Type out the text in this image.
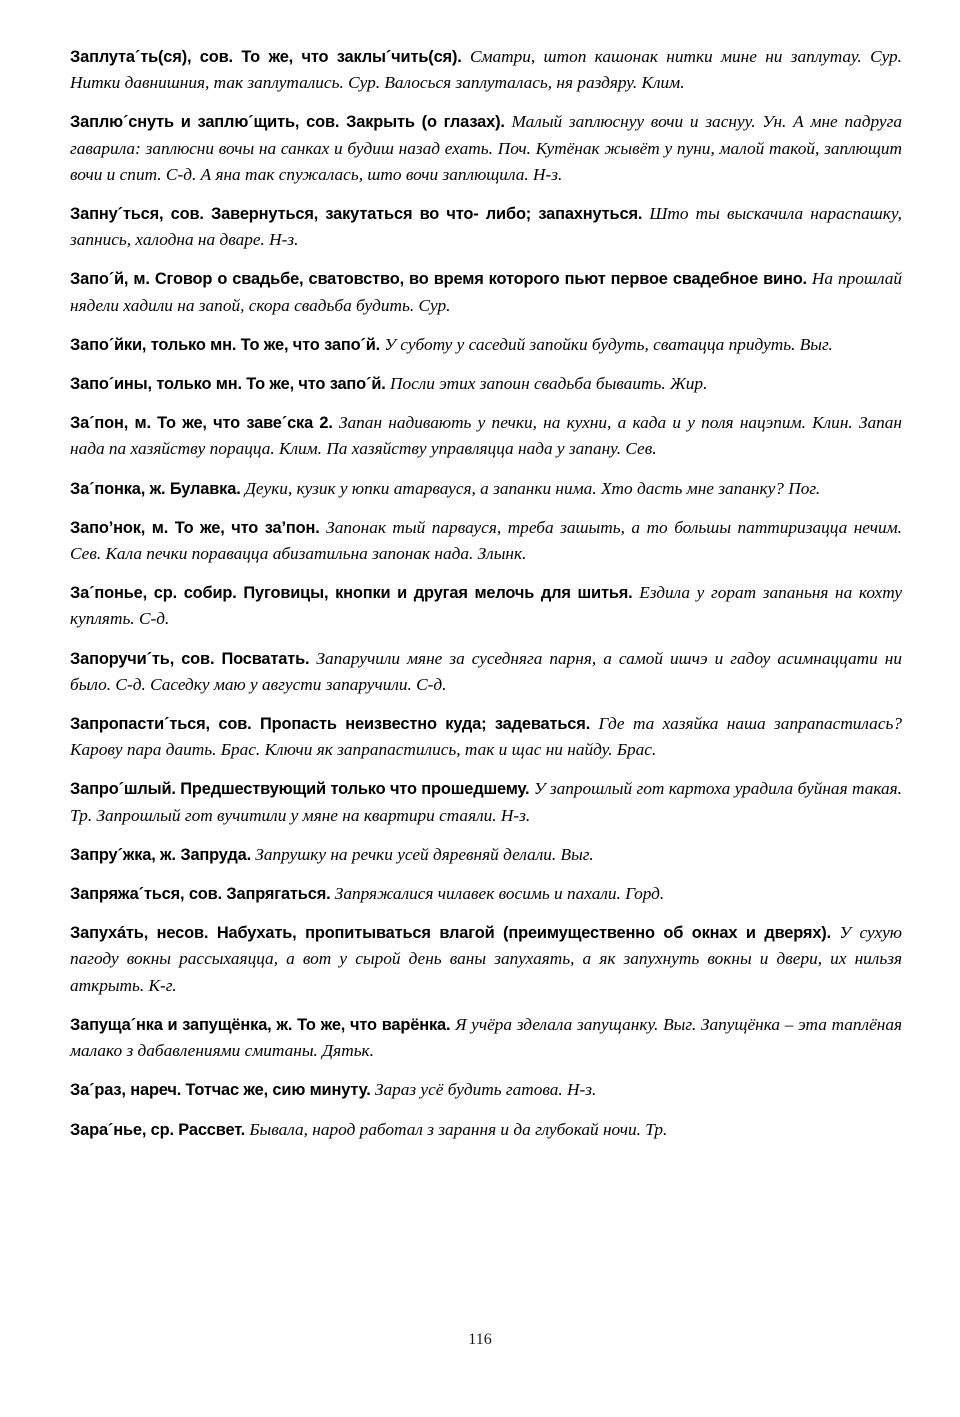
Заплута´ть(ся), сов. То же, что заклы´чить(ся). Сматри, штоп кашонак нитки мине ни заплутау. Сур. Нитки давнишния, так заплутались. Сур. Валосься заплуталась, ня раздяру. Клим.

Заплю´снуть и заплю´щить, сов. Закрыть (о глазах). Малый заплюснуу вочи и заснуу. Ун. А мне падруга гаварила: заплюсни вочы на санках и будиш назад ехать. Поч. Кутёнак жывёт у пуни, малой такой, заплющит вочи и спит. С-д. А яна так спужалась, што вочи заплющила. Н-з.

Запну´ться, сов. Завернуться, закутаться во что- либо; запахнуться. Што ты выскачила нараспашку, запнись, халодна на дваре. Н-з.

Запо´й, м. Сговор о свадьбе, сватовство, во время которого пьют первое свадебное вино. На прошлай нядели хадили на запой, скора свадьба будить. Сур.

Запо´йки, только мн. То же, что запо´й. У суботу у саседий запойки будуть, сватацца придуть. Выг.

Запо´ины, только мн. То же, что запо´й. Посли этих запоин свадьба бываить. Жир.

За´пон, м. То же, что заве´ска 2. Запан надивають у печки, на кухни, а када и у поля нацэпим. Клин. Запан нада па хазяйству порацца. Клим. Па хазяйству управляцца нада у запану. Сев.

За´понка, ж. Булавка. Деуки, кузик у юпки атарвауся, а запанки нима. Хто дасть мне запанку? Пог.

Запо’нок, м. То же, что за’пон. Запонак тый парвауся, треба зашыть, а то большы паттиризацца нечим. Сев. Кала печки поравацца абизатильна запонак нада. Злынк.

За´понье, ср. собир. Пуговицы, кнопки и другая мелочь для шитья. Ездила у горат запаньня на кохту куплять. С-д.

Запоручи´ть, сов. Посватать. Запаручили мяне за суседняга парня, а самой ишчэ и гадоу асимнаццати ни было. С-д. Саседку маю у августи запаручили. С-д.

Запропасти´ться, сов. Пропасть неизвестно куда; задеваться. Где та хазяйка наша запрапастилась? Карову пара даить. Брас. Ключи як запрапастились, так и щас ни найду. Брас.

Запро´шлый. Предшествующий только что прошедшему. У запрошлый гот картоха урадила буйная такая. Тр. Запрошлый гот вучитили у мяне на квартири стаяли. Н-з.

Запру´жка, ж. Запруда. Запрушку на речки усей дяревняй делали. Выг.

Запряжа´ться, сов. Запрягаться. Запряжалися чилавек восимь и пахали. Горд.

Запухáть, несов. Набухать, пропитываться влагой (преимущественно об окнах и дверях). У сухую пагоду вокны рассыхаяцца, а вот у сырой день ваны запухаять, а як запухнуть вокны и двери, их нильзя аткрыть. К-г.

Запуща´нка и запущёнка, ж. То же, что варёнка. Я учёра зделала запущанку. Выг. Запущёнка – эта таплёная малако з дабавлениями смитаны. Дятьк.

За´раз, нареч. Тотчас же, сию минуту. Зараз усё будить гатова. Н-з.

Зара´нье, ср. Рассвет. Бывала, народ работал з зарання и да глубокай ночи. Тр.

116
